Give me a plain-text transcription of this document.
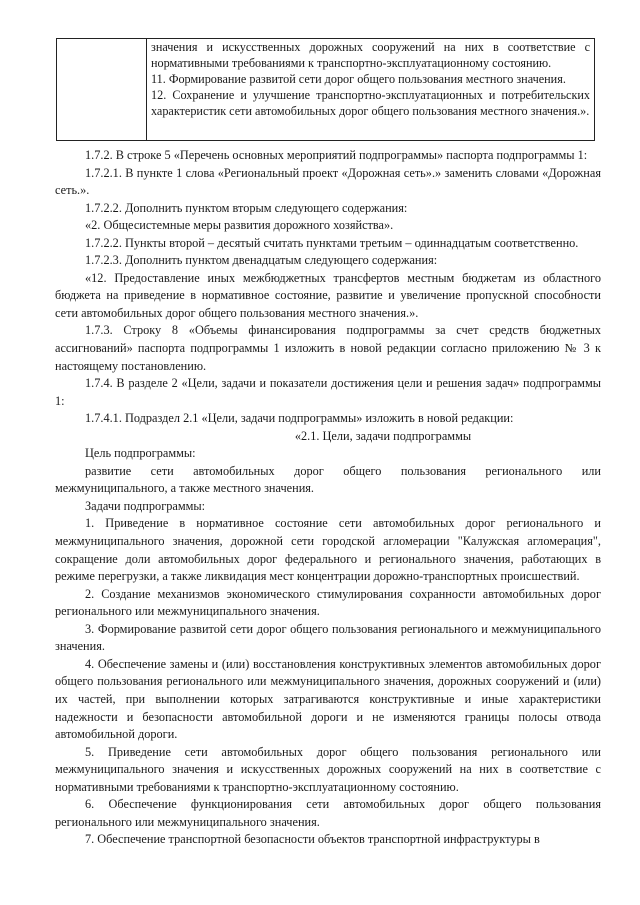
значения и искусственных дорожных сооружений на них в соответствие с нормативными требованиями к транспортно-эксплуатационному состоянию.

11. Формирование развитой сети дорог общего пользования местного значения.

12. Сохранение и улучшение транспортно-эксплуатационных и потребительских характеристик сети автомобильных дорог общего пользования местного значения.».

1.7.2. В строке 5 «Перечень основных мероприятий подпрограммы» паспорта подпрограммы 1:

1.7.2.1. В пункте 1 слова «Региональный проект «Дорожная сеть».» заменить словами «Дорожная сеть.».

1.7.2.2. Дополнить пунктом вторым следующего содержания:

«2. Общесистемные меры развития дорожного хозяйства».

1.7.2.2. Пункты второй – десятый считать пунктами третьим – одиннадцатым соответственно.

1.7.2.3. Дополнить пунктом двенадцатым следующего содержания:

«12. Предоставление иных межбюджетных трансфертов местным бюджетам из областного бюджета на приведение в нормативное состояние, развитие и увеличение пропускной способности сети автомобильных дорог общего пользования местного значения.».

1.7.3. Строку 8 «Объемы финансирования подпрограммы за счет средств бюджетных ассигнований» паспорта подпрограммы 1 изложить в новой редакции согласно приложению № 3 к настоящему постановлению.

1.7.4. В разделе 2 «Цели, задачи и показатели достижения цели и решения задач» подпрограммы 1:

1.7.4.1. Подраздел 2.1 «Цели, задачи подпрограммы» изложить в новой редакции:

«2.1. Цели, задачи подпрограммы

Цель подпрограммы:

развитие сети автомобильных дорог общего пользования регионального или межмуниципального, а также местного значения.

Задачи подпрограммы:

1. Приведение в нормативное состояние сети автомобильных дорог регионального и межмуниципального значения, дорожной сети городской агломерации "Калужская агломерация", сокращение доли автомобильных дорог федерального и регионального значения, работающих в режиме перегрузки, а также ликвидация мест концентрации дорожно-транспортных происшествий.

2. Создание механизмов экономического стимулирования сохранности автомобильных дорог регионального или межмуниципального значения.

3. Формирование развитой сети дорог общего пользования регионального и межмуниципального значения.

4. Обеспечение замены и (или) восстановления конструктивных элементов автомобильных дорог общего пользования регионального или межмуниципального значения, дорожных сооружений и (или) их частей, при выполнении которых затрагиваются конструктивные и иные характеристики надежности и безопасности автомобильной дороги и не изменяются границы полосы отвода автомобильной дороги.

5. Приведение сети автомобильных дорог общего пользования регионального или межмуниципального значения и искусственных дорожных сооружений на них в соответствие с нормативными требованиями к транспортно-эксплуатационному состоянию.

6. Обеспечение функционирования сети автомобильных дорог общего пользования регионального или межмуниципального значения.

7. Обеспечение транспортной безопасности объектов транспортной инфраструктуры в
